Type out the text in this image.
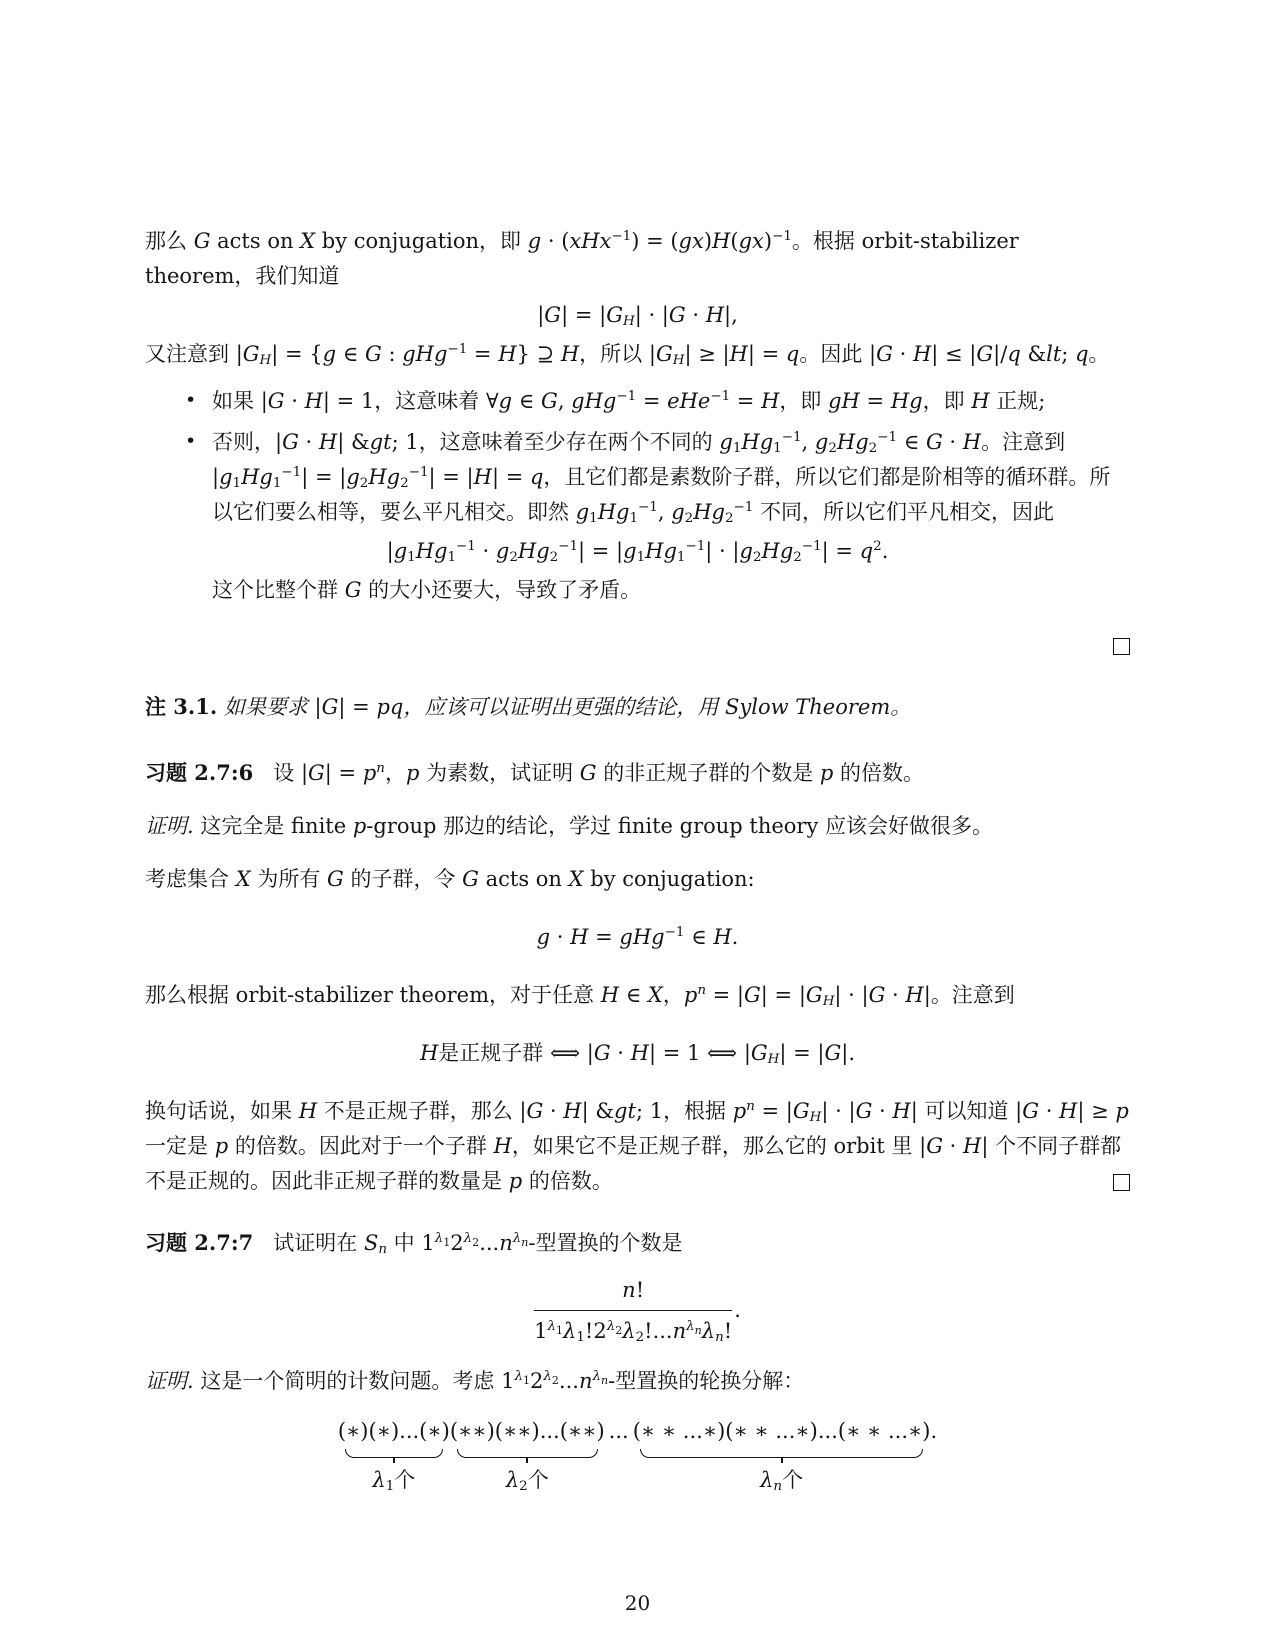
那么 G acts on X by conjugation，即 g · (xHx$^{-1}$) = (gx)H(gx)$^{-1}$。根据 orbit-stabilizer theorem，我们知道

$|G| = |G_H| \cdot |G \cdot H|$,

又注意到 $|G_H| = \{g$ ∈ G : gHg$^{-1}$ = H} ⊇ H，所以 $|G_H| \ge |H| = q$。因此 |G · H| ≤ |G|/q &lt; q。

• 如果 |G · H| = 1，这意味着 ∀g ∈ G, gHg$^{-1}$ = eHe$^{-1}$ = H，即 gH = Hg，即 H 正规;
• 否则，|G · H| &gt; 1，这意味着至少存在两个不同的 $g_1Hg_1^{-1}$, $g_2Hg_2^{-1}$ ∈ G · H。注意到 $|g_1Hg_1^{-1}| = |g_2Hg_2^{-1}| = |H| = q$，且它们都是素数阶子群，所以它们都是阶相等的循环群。所以它们要么相等，要么平凡相交。即然 $g_1Hg_1^{-1}$, $g_2Hg_2^{-1}$ 不同，所以它们平凡相交，因此
$|g_1Hg_1^{-1} \cdot g_2Hg_2^{-1}| = |g_1Hg_1^{-1}| \cdot |g_2Hg_2^{-1}| = q^2$.

这个比整个群 G 的大小还要大，导致了矛盾。

注 3.1. 如果要求 |G| = pq，应该可以证明出更强的结论，用 Sylow Theorem。

习题 2.7:6 设 $|G| = p^n$，p 为素数，试证明 G 的非正规子群的个数是 p 的倍数。

证明. 这完全是 finite p-group 那边的结论，学过 finite group theory 应该会好做很多。

考虑集合 X 为所有 G 的子群，令 G acts on X by conjugation:

g · H = gHg$^{-1}$ ∈ H.

那么根据 orbit-stabilizer theorem，对于任意 H ∈ X，$p^n = |G| = |G_H| \cdot |G \cdot H|$。注意到

H是正规子群 ⟺ |G · H| = 1 ⟺ $|G_H| = |G|$.

换句话说，如果 H 不是正规子群，那么 |G · H| &gt; 1，根据 $p^n = |G_H| \cdot |G \cdot H|$ 可以知道 |G · H| ≥ p 一定是 p 的倍数。因此对于一个子群 H，如果它不是正规子群，那么它的 orbit 里 |G · H| 个不同子群都不是正规的。因此非正规子群的数量是 p 的倍数。

习题 2.7:7 试证明在 $S_n$ 中 $1^{\lambda_1}2^{\lambda_2}...n^{\lambda_n}-$型置换的个数是

$\frac{n!}{1^{\lambda_1}\lambda_1!2^{\lambda_2}\lambda_2!...n^{\lambda_n}\lambda_n!}$ .

证明. 这是一个简明的计数问题。考虑 $1^{\lambda_1}2^{\lambda_2}...n^{\lambda_n}-$型置换的轮换分解：

(∗)(∗)...(∗)
$\lambda_1$个
(∗∗)(∗∗)...(∗∗)
$\lambda_2$个
... (∗ ∗ ...∗)(∗ ∗ ...∗)...(∗ ∗ ...∗)
$\lambda_n$个
.
20
